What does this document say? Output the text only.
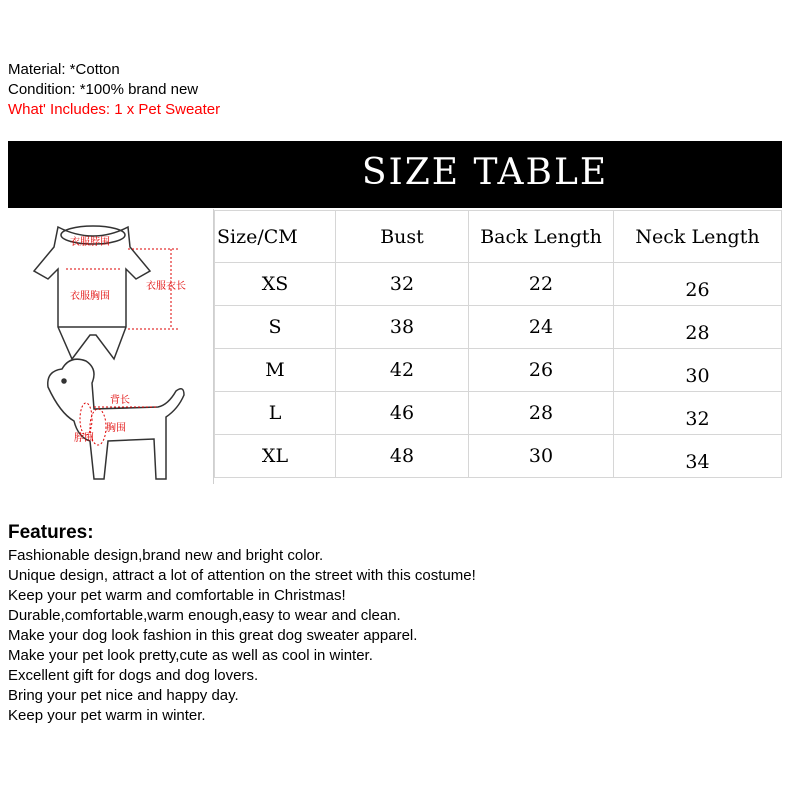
Material: *Cotton
Condition: *100% brand new
What' Includes: 1 x Pet Sweater
SIZE TABLE
衣服脖围
衣服胸围
衣服衣长
背长
胸围
脖围
Size/CM	Bust	Back Length	Neck Length
XS	32	22	26
S	38	24	28
M	42	26	30
L	46	28	32
XL	48	30	34
Features:
Fashionable design,brand new and bright color.
Unique design, attract a lot of attention on the street with this costume!
Keep your pet warm and comfortable in Christmas!
Durable,comfortable,warm enough,easy to wear and clean.
Make your dog look fashion in this great dog sweater apparel.
Make your pet look pretty,cute as well as cool in winter.
Excellent gift for dogs and dog lovers.
Bring your pet nice and happy day.
Keep your pet warm in winter.
